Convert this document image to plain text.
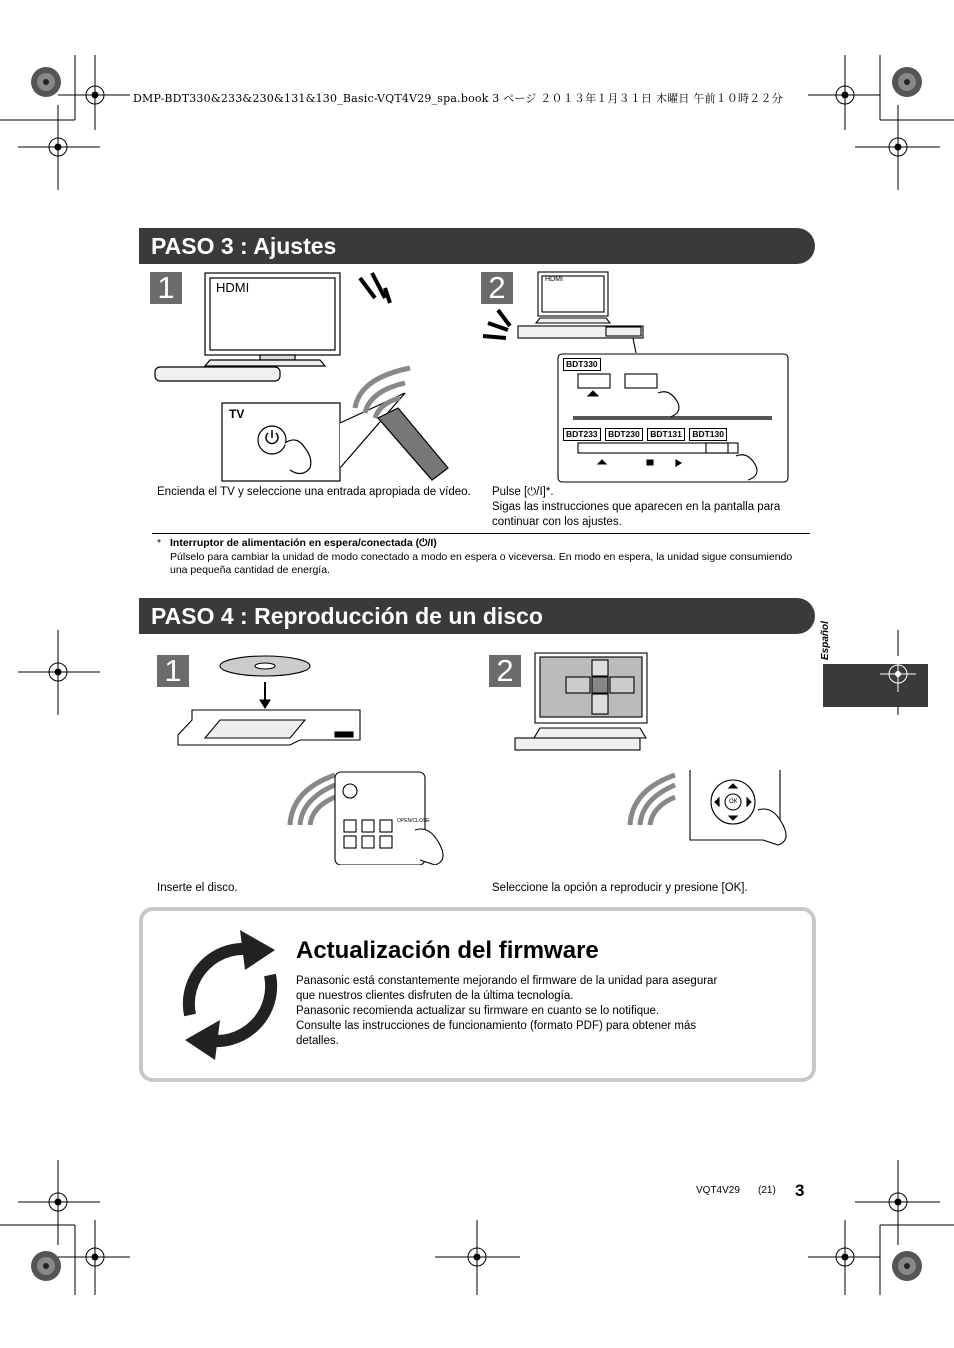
DMP-BDT330&233&230&131&130_Basic-VQT4V29_spa.book 3 ページ ２０１３年１月３１日 木曜日 午前１０時２２分
PASO 3 : Ajustes
1	2
HDMI
TV
HDMI
BDT330
BDT233 BDT230 BDT131 BDT130
Encienda el TV y seleccione una entrada apropiada de vídeo.	Pulse [⏻/I]*.
Sigas las instrucciones que aparecen en la pantalla para continuar con los ajustes.
* Interruptor de alimentación en espera/conectada (⏻/I)
Púlselo para cambiar la unidad de modo conectado a modo en espera o viceversa. En modo en espera, la unidad sigue consumiendo una pequeña cantidad de energía.
PASO 4 : Reproducción de un disco
1	2
OPEN/CLOSE
OK
Inserte el disco.	Seleccione la opción a reproducir y presione [OK].
Actualización del firmware
Panasonic está constantemente mejorando el firmware de la unidad para asegurar
que nuestros clientes disfruten de la última tecnología.
Panasonic recomienda actualizar su firmware en cuanto se lo notifique.
Consulte las instrucciones de funcionamiento (formato PDF) para obtener más
detalles.
Español
VQT4V29 (21) 3
